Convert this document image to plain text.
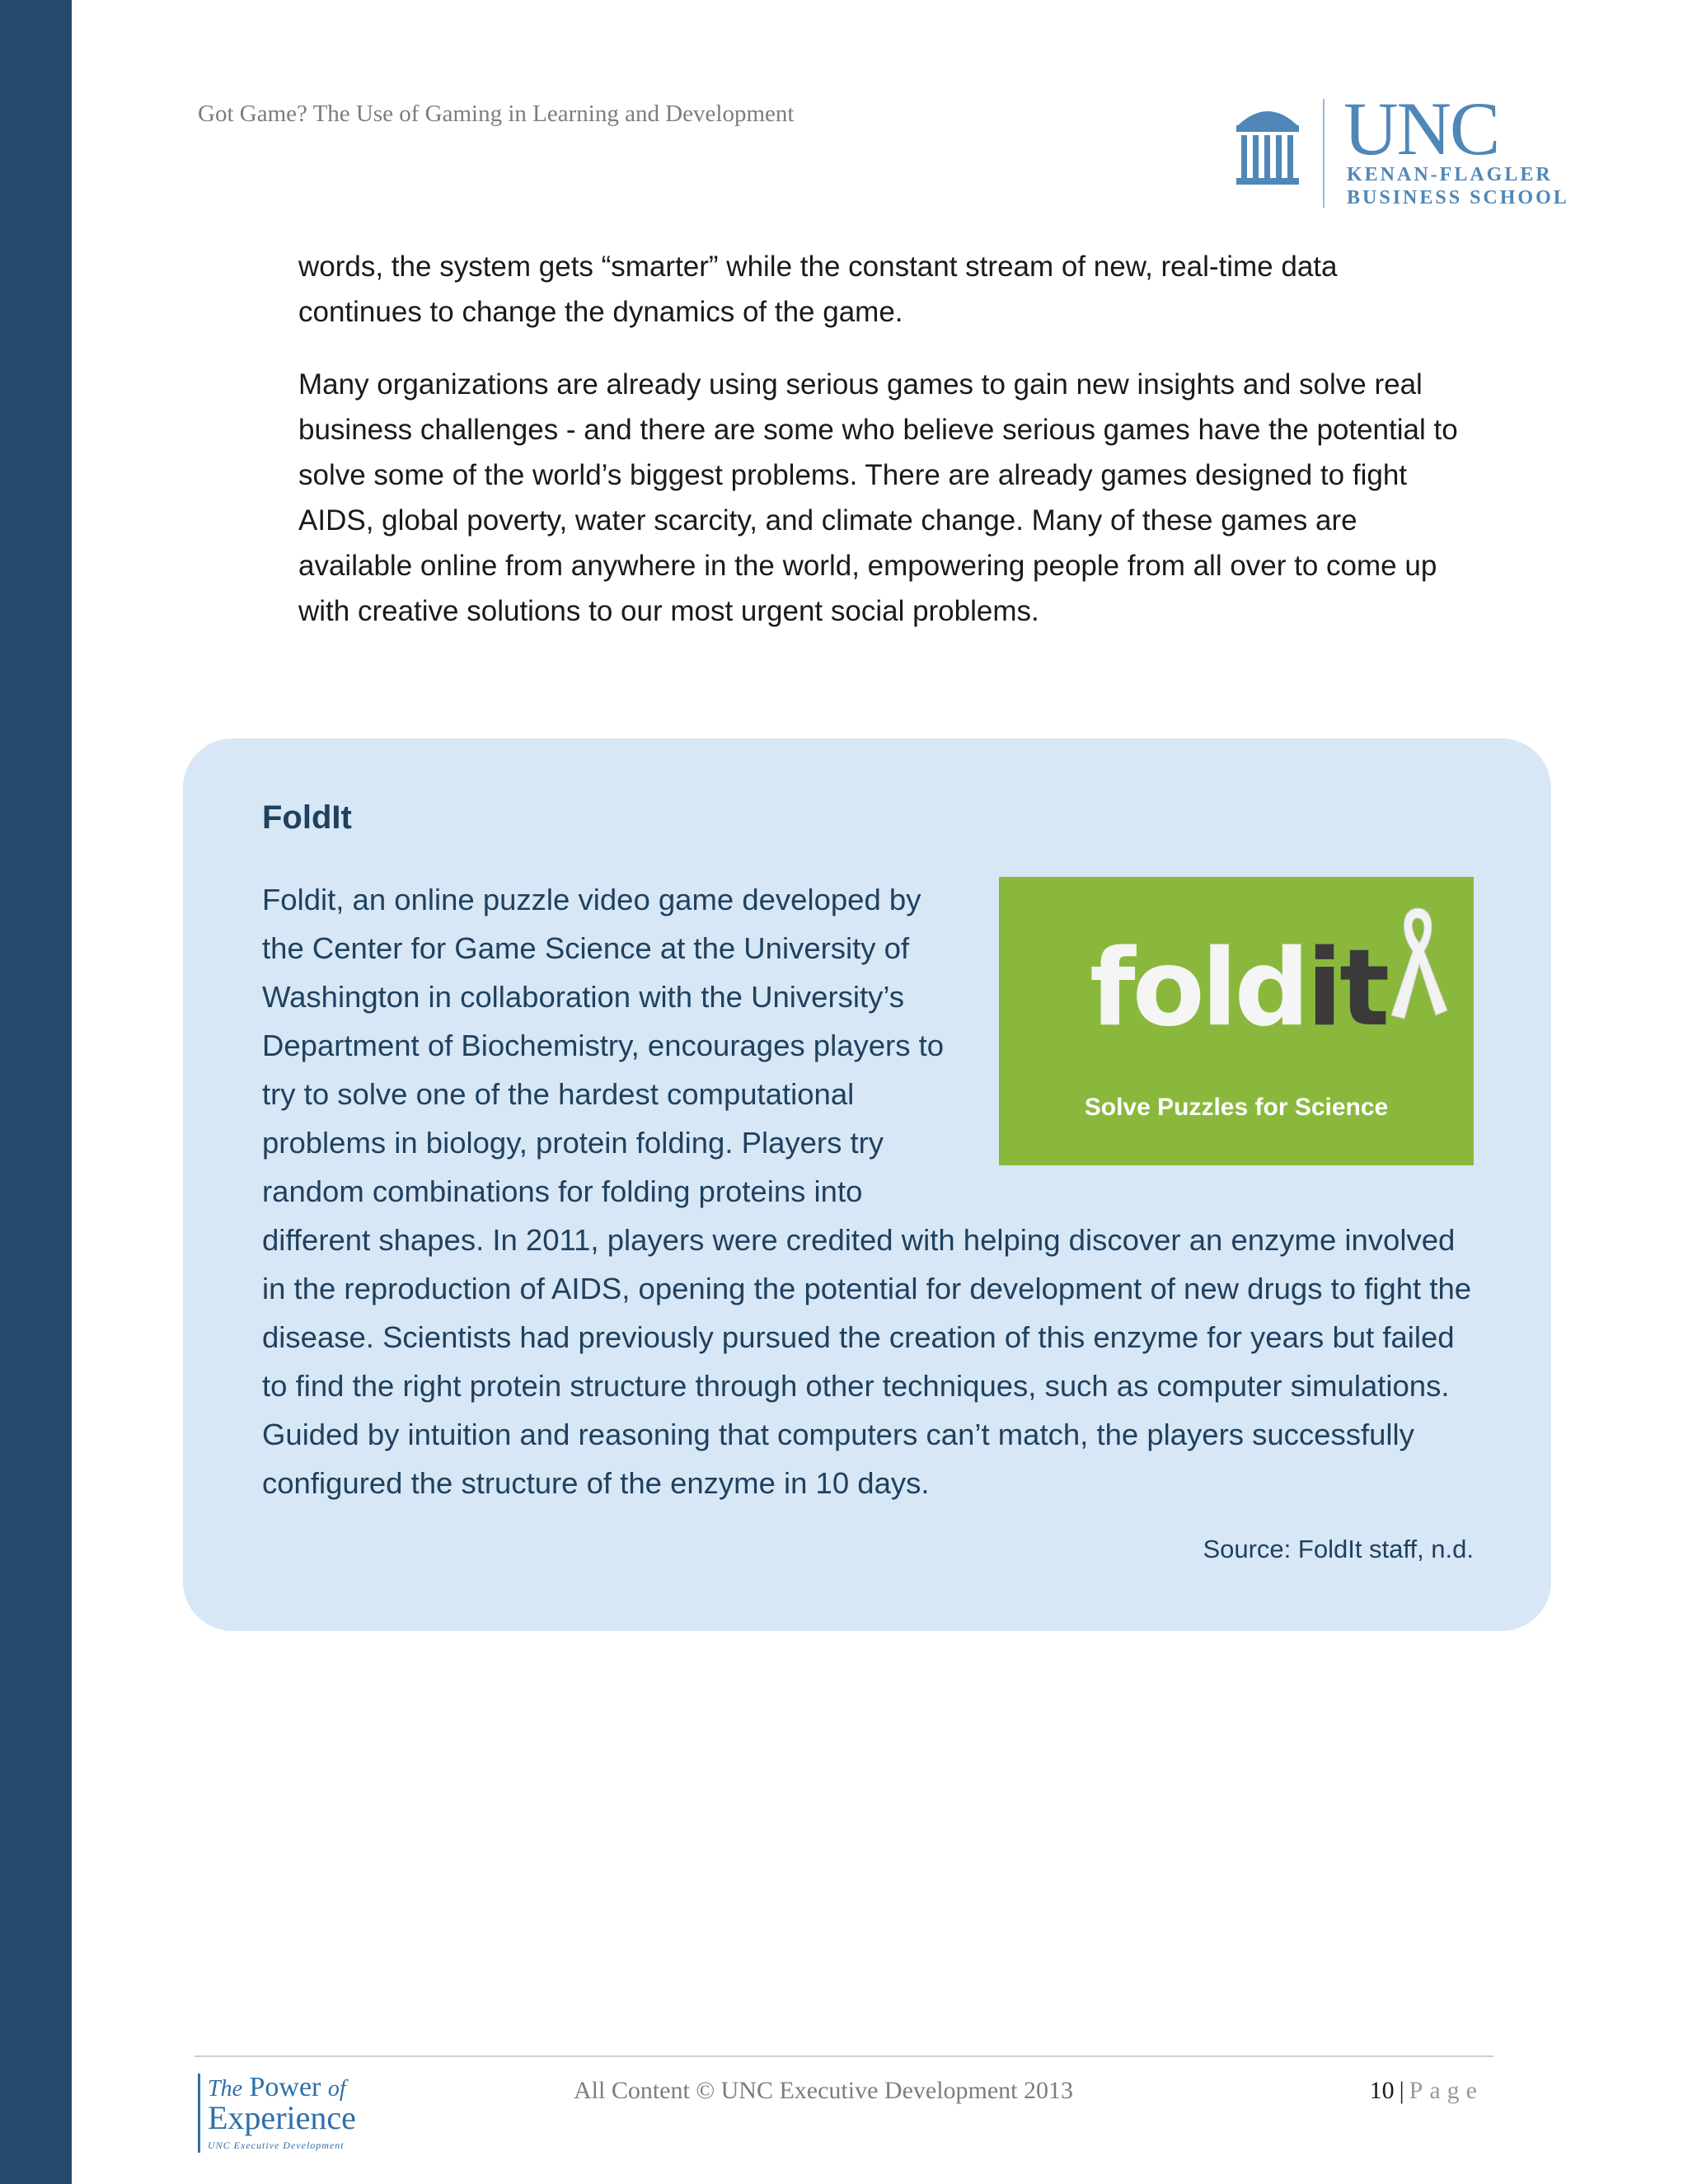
Got Game? The Use of Gaming in Learning and Development	UNC
KENAN-FLAGLER
BUSINESS SCHOOL

words, the system gets “smarter” while the constant stream of new, real-time data continues to change the dynamics of the game.

Many organizations are already using serious games to gain new insights and solve real business challenges - and there are some who believe serious games have the potential to solve some of the world’s biggest problems. There are already games designed to fight AIDS, global poverty, water scarcity, and climate change. Many of these games are available online from anywhere in the world, empowering people from all over to come up with creative solutions to our most urgent social problems.

FoldIt
foldit
Solve Puzzles for Science
Foldit, an online puzzle video game developed by the Center for Game Science at the University of Washington in collaboration with the University’s Department of Biochemistry, encourages players to try to solve one of the hardest computational problems in biology, protein folding. Players try random combinations for folding proteins into different shapes. In 2011, players were credited with helping discover an enzyme involved in the reproduction of AIDS, opening the potential for development of new drugs to fight the disease. Scientists had previously pursued the creation of this enzyme for years but failed to find the right protein structure through other techniques, such as computer simulations. Guided by intuition and reasoning that computers can’t match, the players successfully configured the structure of the enzyme in 10 days.
Source: FoldIt staff, n.d.
The Power of
Experience
UNC Executive Development
All Content © UNC Executive Development 2013	10 | Page
